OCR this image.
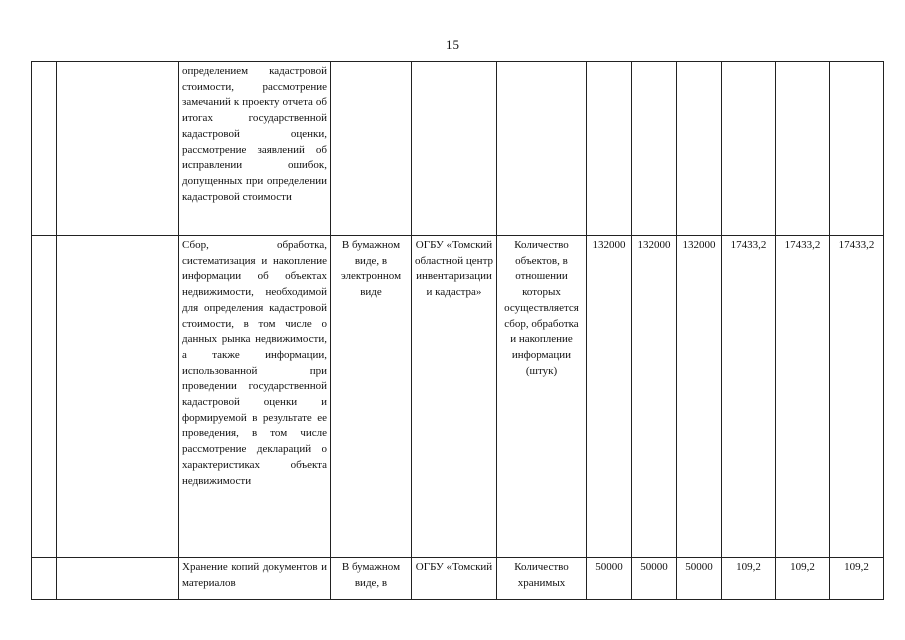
15
		определением кадастровой стоимости, рассмотрение замечаний к проекту отчета об итогах государственной кадастровой оценки, рассмотрение заявлений об исправлении ошибок, допущенных при определении кадастровой стоимости									
		Сбор, обработка, систематизация и накопление информации об объектах недвижимости, необходимой для определения кадастровой стоимости, в том числе о данных рынка недвижимости, а также информации, использованной при проведении государственной кадастровой оценки и формируемой в результате ее проведения, в том числе рассмотрение деклараций о характеристиках объекта недвижимости	В бумажном виде, в электронном виде	ОГБУ «Томский областной центр инвентаризации и кадастра»	Количество объектов, в отношении которых осуществляется сбор, обработка и накопление информации (штук)	132000	132000	132000	17433,2	17433,2	17433,2
		Хранение копий документов и материалов	В бумажном виде, в	ОГБУ «Томский	Количество хранимых	50000	50000	50000	109,2	109,2	109,2
